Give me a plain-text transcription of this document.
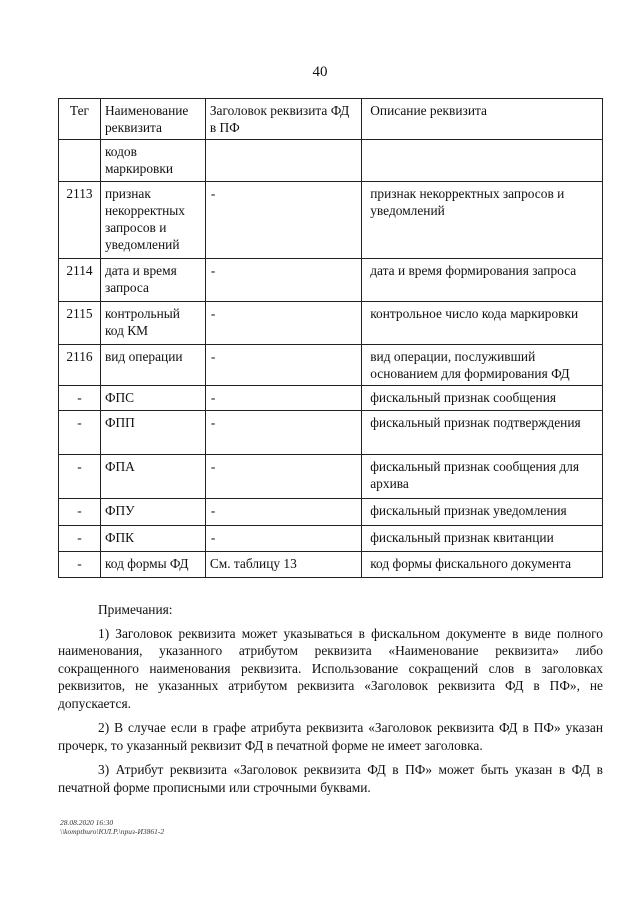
40
Тег	Наименование реквизита	Заголовок реквизита ФД в ПФ	Описание реквизита
	кодов маркировки		
2113	признак некорректных запросов и уведомлений	-	признак некорректных запросов и уведомлений
2114	дата и время запроса	-	дата и время формирования запроса
2115	контрольный код КМ	-	контрольное число кода маркировки
2116	вид операции	-	вид операции, послуживший основанием для формирования ФД
-	ФПС	-	фискальный признак сообщения
-	ФПП	-	фискальный признак подтверждения
-	ФПА	-	фискальный признак сообщения для архива
-	ФПУ	-	фискальный признак уведомления
-	ФПК	-	фискальный признак квитанции
-	код формы ФД	См. таблицу 13	код формы фискального документа

Примечания:

1) Заголовок реквизита может указываться в фискальном документе в виде полного наименования, указанного атрибутом реквизита «Наименование реквизита» либо сокращенного наименования реквизита. Использование сокращений слов в заголовках реквизитов, не указанных атрибутом реквизита «Заголовок реквизита ФД в ПФ», не допускается.

2) В случае если в графе атрибута реквизита «Заголовок реквизита ФД в ПФ» указан прочерк, то указанный реквизит ФД в печатной форме не имеет заголовка.

3) Атрибут реквизита «Заголовок реквизита ФД в ПФ» может быть указан в ФД в печатной форме прописными или строчными буквами.

28.08.2020 16:30
\\komptburo\ЮЛ.Р.\приз-И3861-2
